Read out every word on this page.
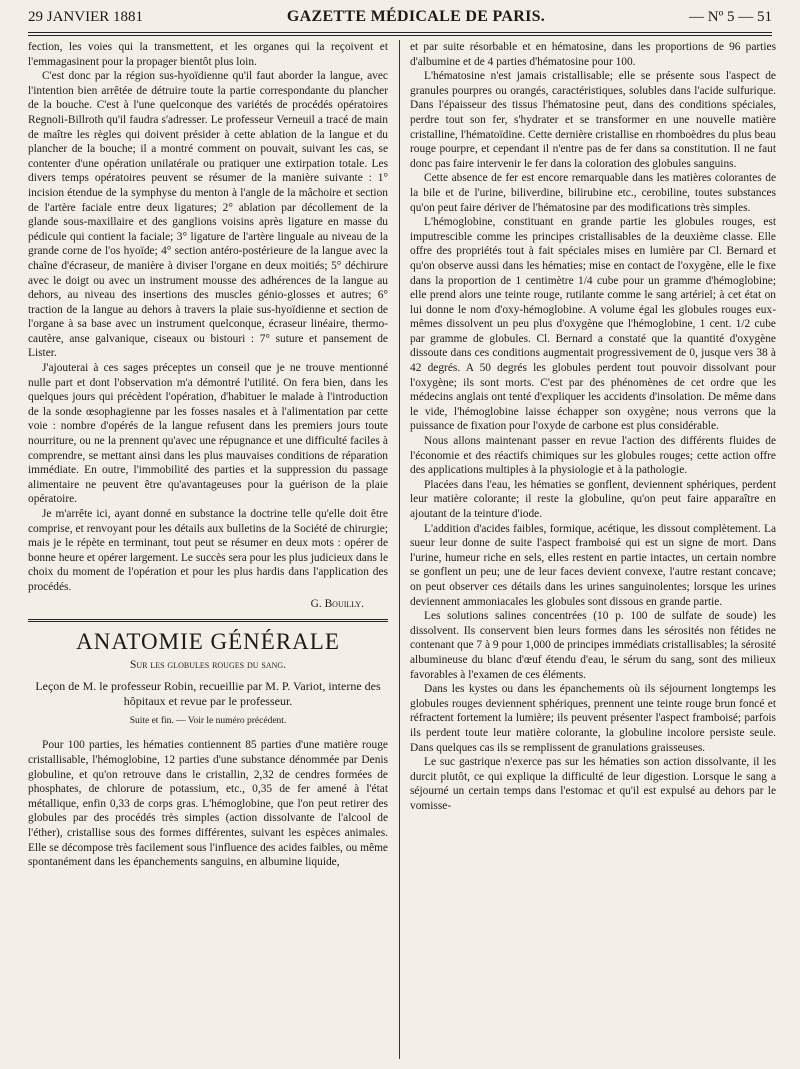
29 JANVIER 1881	GAZETTE MÉDICALE DE PARIS.	— Nº 5 — 51

fection, les voies qui la transmettent, et les organes qui la reçoivent et l'emmagasinent pour la propager bientôt plus loin.

C'est donc par la région sus-hyoïdienne qu'il faut aborder la langue, avec l'intention bien arrêtée de détruire toute la partie correspondante du plancher de la bouche. C'est à l'une quelconque des variétés de procédés opératoires Regnoli-Billroth qu'il faudra s'adresser. Le professeur Verneuil a tracé de main de maître les règles qui doivent présider à cette ablation de la langue et du plancher de la bouche; il a montré comment on pouvait, suivant les cas, se contenter d'une opération unilatérale ou pratiquer une extirpation totale. Les divers temps opératoires peuvent se résumer de la manière suivante : 1° incision étendue de la symphyse du menton à l'angle de la mâchoire et section de l'artère faciale entre deux ligatures; 2° ablation par décollement de la glande sous-maxillaire et des ganglions voisins après ligature en masse du pédicule qui contient la faciale; 3° ligature de l'artère linguale au niveau de la grande corne de l'os hyoïde; 4° section antéro-postérieure de la langue avec la chaîne d'écraseur, de manière à diviser l'organe en deux moitiés; 5° déchirure avec le doigt ou avec un instrument mousse des adhérences de la langue au dehors, au niveau des insertions des muscles génio-glosses et autres; 6° traction de la langue au dehors à travers la plaie sus-hyoïdienne et section de l'organe à sa base avec un instrument quelconque, écraseur linéaire, thermo-cautère, anse galvanique, ciseaux ou bistouri : 7° suture et pansement de Lister.

J'ajouterai à ces sages préceptes un conseil que je ne trouve mentionné nulle part et dont l'observation m'a démontré l'utilité. On fera bien, dans les quelques jours qui précèdent l'opération, d'habituer le malade à l'introduction de la sonde œsophagienne par les fosses nasales et à l'alimentation par cette voie : nombre d'opérés de la langue refusent dans les premiers jours toute nourriture, ou ne la prennent qu'avec une répugnance et une difficulté faciles à comprendre, se mettant ainsi dans les plus mauvaises conditions de réparation immédiate. En outre, l'immobilité des parties et la suppression du passage alimentaire ne peuvent être qu'avantageuses pour la guérison de la plaie opératoire.

Je m'arrête ici, ayant donné en substance la doctrine telle qu'elle doit être comprise, et renvoyant pour les détails aux bulletins de la Société de chirurgie; mais je le répète en terminant, tout peut se résumer en deux mots : opérer de bonne heure et opérer largement. Le succès sera pour les plus judicieux dans le choix du moment de l'opération et pour les plus hardis dans l'application des procédés.

G. Bouilly.
ANATOMIE GÉNÉRALE
Sur les globules rouges du sang.
Leçon de M. le professeur Robin, recueillie par M. P. Variot, interne des hôpitaux et revue par le professeur.
Suite et fin. — Voir le numéro précédent.

Pour 100 parties, les hématies contiennent 85 parties d'une matière rouge cristallisable, l'hémoglobine, 12 parties d'une substance dénommée par Denis globuline, et qu'on retrouve dans le cristallin, 2,32 de cendres formées de phosphates, de chlorure de potassium, etc., 0,35 de fer amené à l'état métallique, enfin 0,33 de corps gras. L'hémoglobine, que l'on peut retirer des globules par des procédés très simples (action dissolvante de l'alcool de l'éther), cristallise sous des formes différentes, suivant les espèces animales. Elle se décompose très facilement sous l'influence des acides faibles, ou même spontanément dans les épanchements sanguins, en albumine liquide,

et par suite résorbable et en hématosine, dans les proportions de 96 parties d'albumine et de 4 parties d'hématosine pour 100.

L'hématosine n'est jamais cristallisable; elle se présente sous l'aspect de granules pourpres ou orangés, caractéristiques, solubles dans l'acide sulfurique. Dans l'épaisseur des tissus l'hématosine peut, dans des conditions spéciales, perdre tout son fer, s'hydrater et se transformer en une nouvelle matière cristalline, l'hématoïdine. Cette dernière cristallise en rhomboèdres du plus beau rouge pourpre, et cependant il n'entre pas de fer dans sa constitution. Il ne faut donc pas faire intervenir le fer dans la coloration des globules sanguins.

Cette absence de fer est encore remarquable dans les matières colorantes de la bile et de l'urine, biliverdine, bilirubine etc., cerobiline, toutes substances qu'on peut faire dériver de l'hématosine par des modifications très simples.

L'hémoglobine, constituant en grande partie les globules rouges, est imputrescible comme les principes cristallisables de la deuxième classe. Elle offre des propriétés tout à fait spéciales mises en lumière par Cl. Bernard et qu'on observe aussi dans les hématies; mise en contact de l'oxygène, elle le fixe dans la proportion de 1 centimètre 1/4 cube pour un gramme d'hémoglobine; elle prend alors une teinte rouge, rutilante comme le sang artériel; à cet état on lui donne le nom d'oxy-hémoglobine. A volume égal les globules rouges eux-mêmes dissolvent un peu plus d'oxygène que l'hémoglobine, 1 cent. 1/2 cube par gramme de globules. Cl. Bernard a constaté que la quantité d'oxygène dissoute dans ces conditions augmentait progressivement de 0, jusque vers 38 à 42 degrés. A 50 degrés les globules perdent tout pouvoir dissolvant pour l'oxygène; ils sont morts. C'est par des phénomènes de cet ordre que les médecins anglais ont tenté d'expliquer les accidents d'insolation. De même dans le vide, l'hémoglobine laisse échapper son oxygène; nous verrons que la puissance de fixation pour l'oxyde de carbone est plus considérable.

Nous allons maintenant passer en revue l'action des différents fluides de l'économie et des réactifs chimiques sur les globules rouges; cette action offre des applications multiples à la physiologie et à la pathologie.

Placées dans l'eau, les hématies se gonflent, deviennent sphériques, perdent leur matière colorante; il reste la globuline, qu'on peut faire apparaître en ajoutant de la teinture d'iode.

L'addition d'acides faibles, formique, acétique, les dissout complètement. La sueur leur donne de suite l'aspect framboisé qui est un signe de mort. Dans l'urine, humeur riche en sels, elles restent en partie intactes, un certain nombre se gonflent un peu; une de leur faces devient convexe, l'autre restant concave; on peut observer ces détails dans les urines sanguinolentes; lorsque les urines deviennent ammoniacales les globules sont dissous en grande partie.

Les solutions salines concentrées (10 p. 100 de sulfate de soude) les dissolvent. Ils conservent bien leurs formes dans les sérosités non fétides ne contenant que 7 à 9 pour 1,000 de principes immédiats cristallisables; la sérosité albumineuse du blanc d'œuf étendu d'eau, le sérum du sang, sont des milieux favorables à l'examen de ces éléments.

Dans les kystes ou dans les épanchements où ils séjournent longtemps les globules rouges deviennent sphériques, prennent une teinte rouge brun foncé et réfractent fortement la lumière; ils peuvent présenter l'aspect framboisé; parfois ils perdent toute leur matière colorante, la globuline incolore persiste seule. Dans quelques cas ils se remplissent de granulations graisseuses.

Le suc gastrique n'exerce pas sur les hématies son action dissolvante, il les durcit plutôt, ce qui explique la difficulté de leur digestion. Lorsque le sang a séjourné un certain temps dans l'estomac et qu'il est expulsé au dehors par le vomisse-
